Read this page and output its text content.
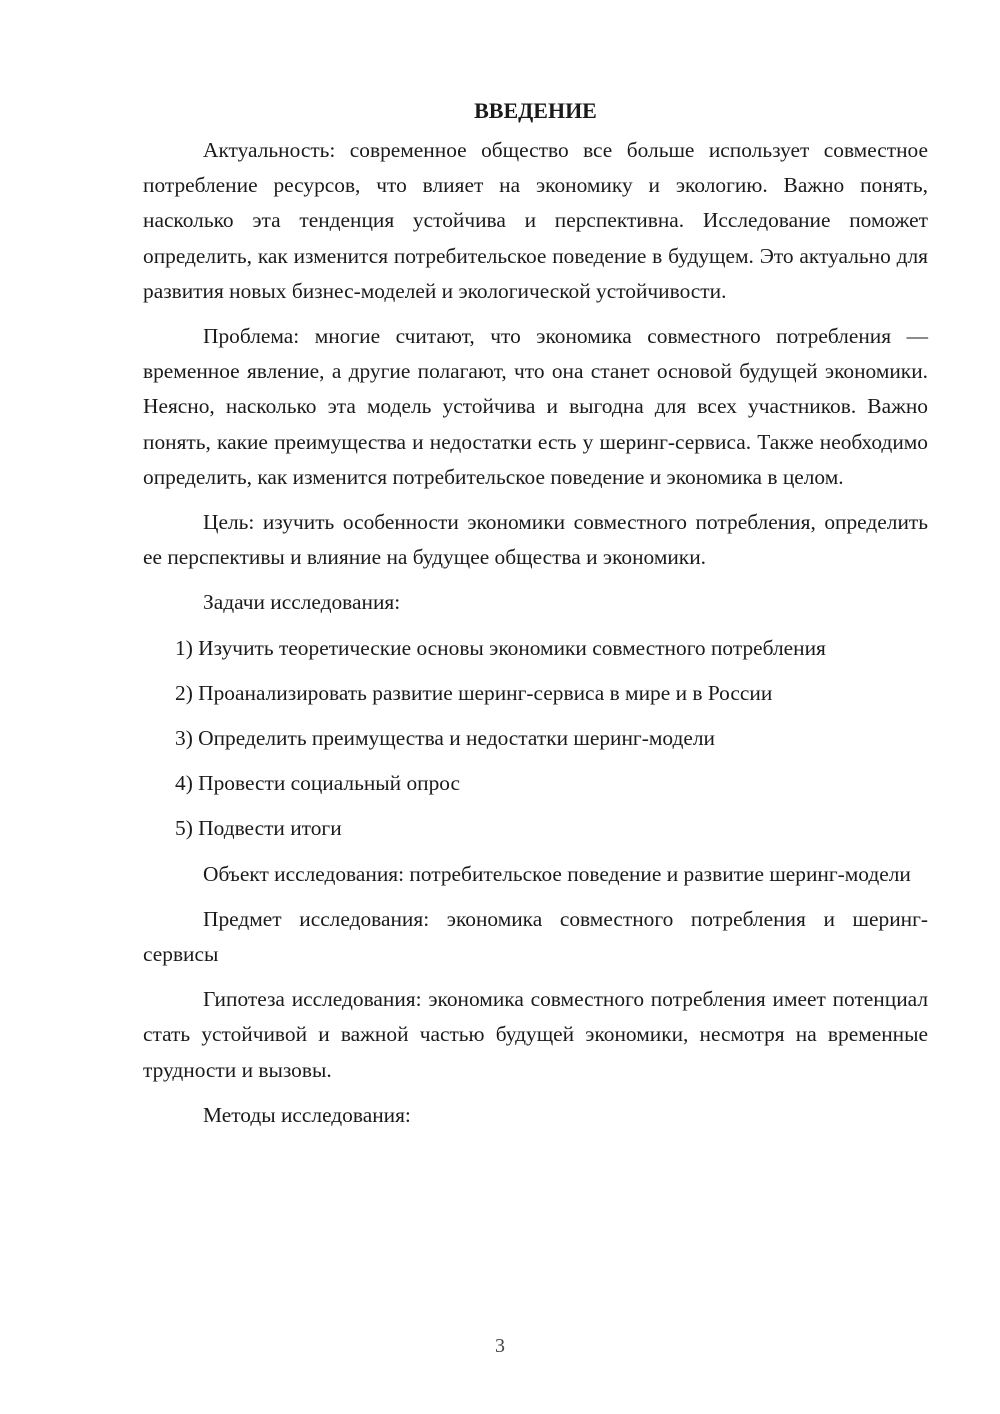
ВВЕДЕНИЕ

Актуальность: современное общество все больше использует совместное потребление ресурсов, что влияет на экономику и экологию. Важно понять, насколько эта тенденция устойчива и перспективна. Исследование поможет определить, как изменится потребительское поведение в будущем. Это актуально для развития новых бизнес-моделей и экологической устойчивости.

Проблема: многие считают, что экономика совместного потребления — временное явление, а другие полагают, что она станет основой будущей экономики. Неясно, насколько эта модель устойчива и выгодна для всех участников. Важно понять, какие преимущества и недостатки есть у шеринг-сервиса. Также необходимо определить, как изменится потребительское поведение и экономика в целом.

Цель: изучить особенности экономики совместного потребления, определить ее перспективы и влияние на будущее общества и экономики.

Задачи исследования:

1) Изучить теоретические основы экономики совместного потребления

2) Проанализировать развитие шеринг-сервиса в мире и в России

3) Определить преимущества и недостатки шеринг-модели

4) Провести социальный опрос

5) Подвести итоги

Объект исследования: потребительское поведение и развитие шеринг-модели

Предмет исследования: экономика совместного потребления и шеринг-сервисы

Гипотеза исследования: экономика совместного потребления имеет потенциал стать устойчивой и важной частью будущей экономики, несмотря на временные трудности и вызовы.

Методы исследования:

3
